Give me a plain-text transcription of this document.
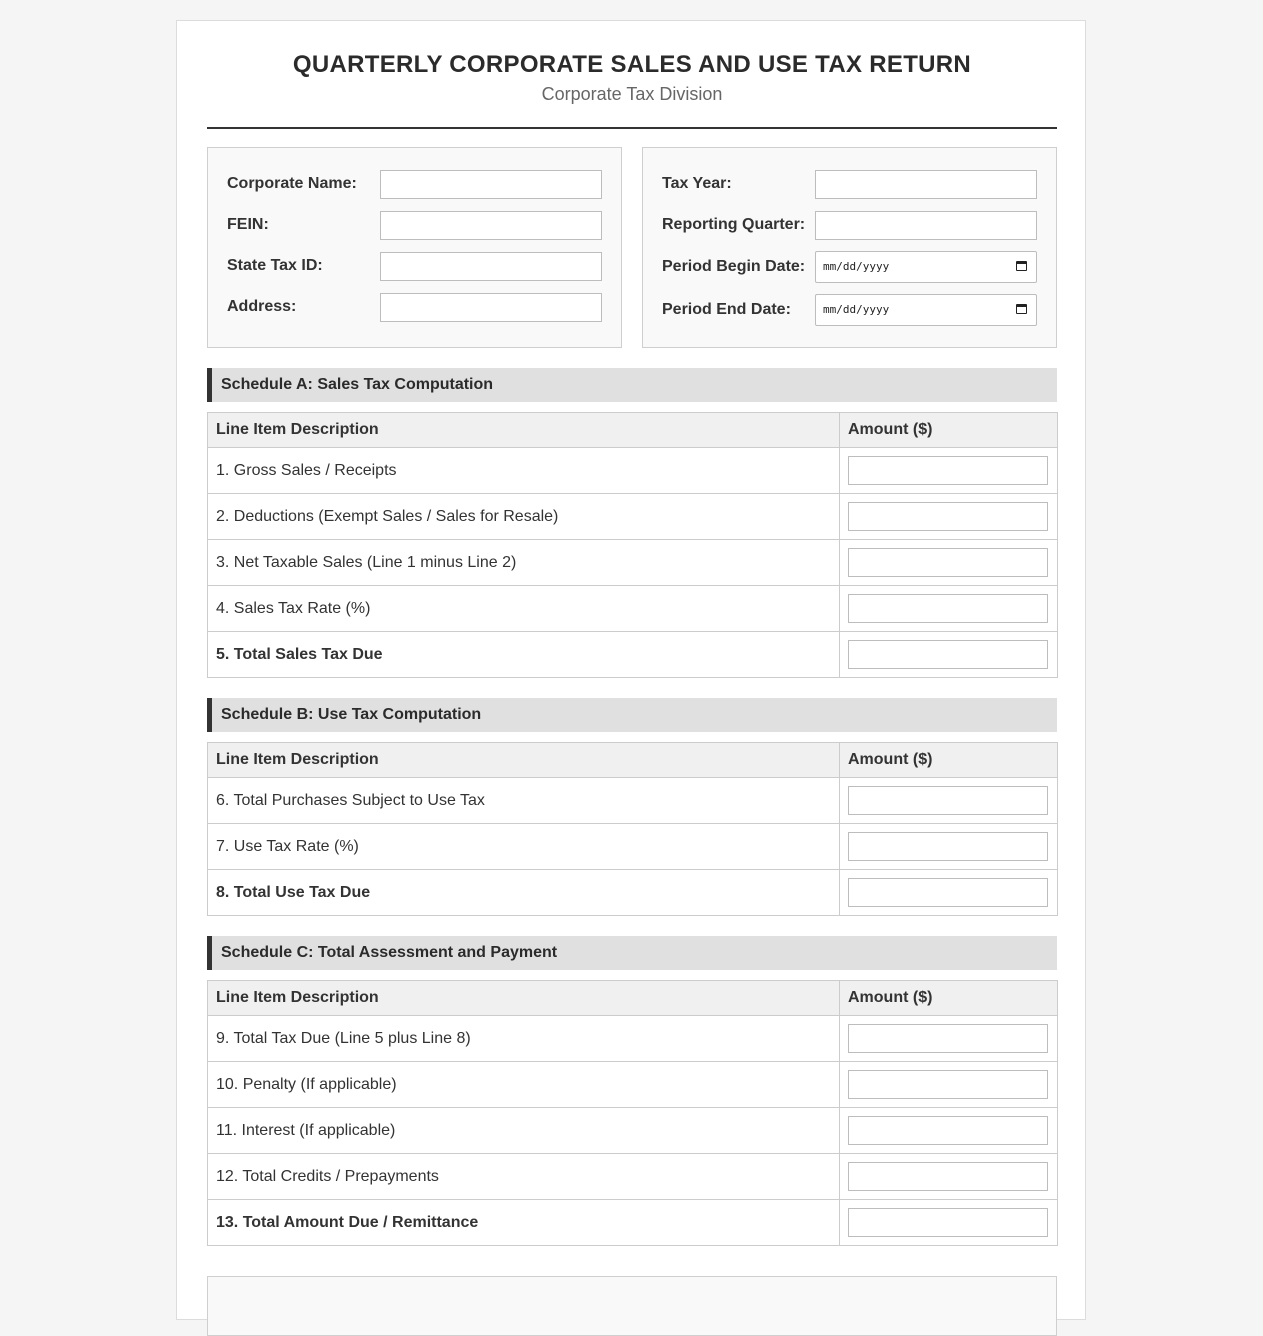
QUARTERLY CORPORATE SALES AND USE TAX RETURN
Corporate Tax Division
Corporate Name:
FEIN:
State Tax ID:
Address:
Tax Year:
Reporting Quarter:
Period Begin Date: mm/dd/yyyy
Period End Date:	mm/dd/yyyy
Schedule A: Sales Tax Computation
Line Item Description	Amount ($)
1. Gross Sales / Receipts	

2. Deductions (Exempt Sales / Sales for Resale)	

3. Net Taxable Sales (Line 1 minus Line 2)	

4. Sales Tax Rate (%)	

5. Total Sales Tax Due	
Schedule B: Use Tax Computation
Line Item Description	Amount ($)
6. Total Purchases Subject to Use Tax	

7. Use Tax Rate (%)	

8. Total Use Tax Due	
Schedule C: Total Assessment and Payment
Line Item Description	Amount ($)
9. Total Tax Due (Line 5 plus Line 8)	

10. Penalty (If applicable)	

11. Interest (If applicable)	

12. Total Credits / Prepayments	

13. Total Amount Due / Remittance	
